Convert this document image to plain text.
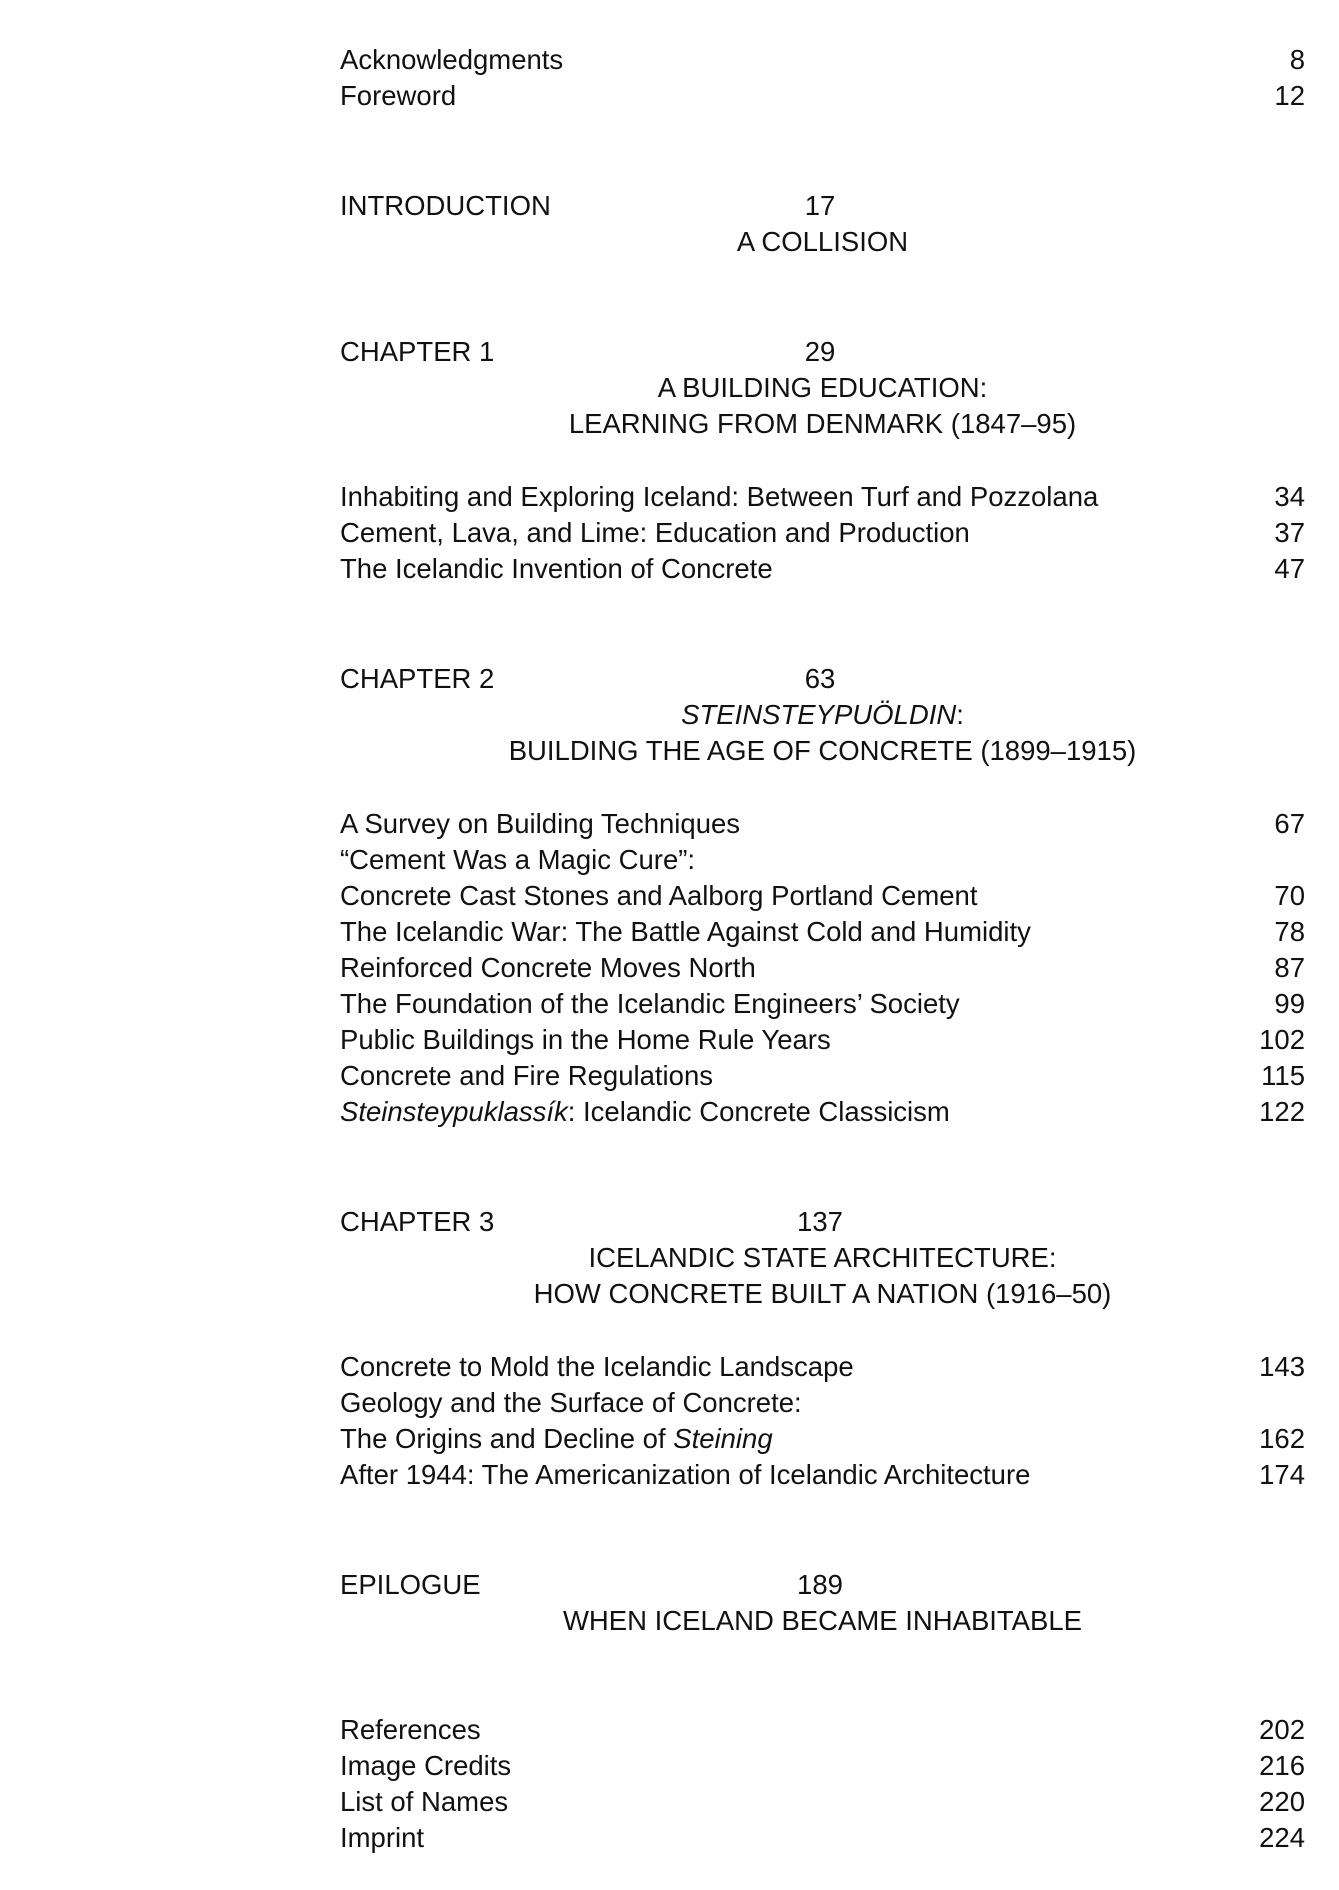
Acknowledgments	8
Foreword	12
INTRODUCTION	17
A COLLISION
CHAPTER 1	29
A BUILDING EDUCATION:
LEARNING FROM DENMARK (1847–95)
Inhabiting and Exploring Iceland: Between Turf and Pozzolana	34
Cement, Lava, and Lime: Education and Production	37
The Icelandic Invention of Concrete	47
CHAPTER 2	63
STEINSTEYPUÖLDIN:
BUILDING THE AGE OF CONCRETE (1899–1915)
A Survey on Building Techniques	67
“Cement Was a Magic Cure”:
Concrete Cast Stones and Aalborg Portland Cement	70
The Icelandic War: The Battle Against Cold and Humidity	78
Reinforced Concrete Moves North	87
The Foundation of the Icelandic Engineers’ Society	99
Public Buildings in the Home Rule Years	102
Concrete and Fire Regulations	115
Steinsteypuklassík: Icelandic Concrete Classicism	122
CHAPTER 3	137
ICELANDIC STATE ARCHITECTURE:
HOW CONCRETE BUILT A NATION (1916–50)
Concrete to Mold the Icelandic Landscape	143
Geology and the Surface of Concrete:
The Origins and Decline of Steining	162
After 1944: The Americanization of Icelandic Architecture	174
EPILOGUE	189
WHEN ICELAND BECAME INHABITABLE
References	202
Image Credits	216
List of Names	220
Imprint	224
